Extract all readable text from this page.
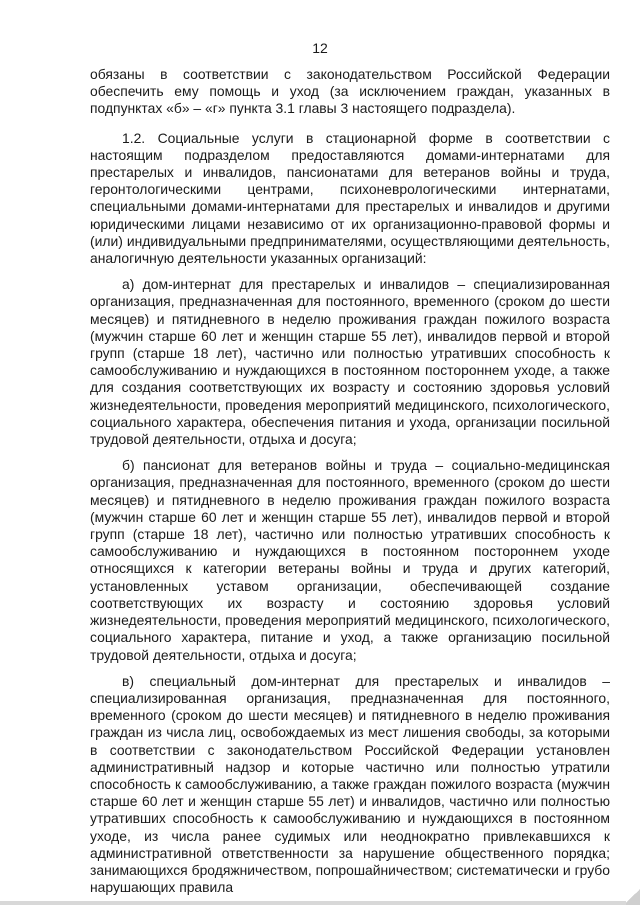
12

обязаны в соответствии с законодательством Российской Федерации обеспечить ему помощь и уход (за исключением граждан, указанных в подпунктах «б» – «г» пункта 3.1 главы 3 настоящего подраздела).

1.2. Социальные услуги в стационарной форме в соответствии с настоящим подразделом предоставляются домами-интернатами для престарелых и инвалидов, пансионатами для ветеранов войны и труда, геронтологическими центрами, психоневрологическими интернатами, специальными домами-интернатами для престарелых и инвалидов и другими юридическими лицами независимо от их организационно-правовой формы и (или) индивидуальными предпринимателями, осуществляющими деятельность, аналогичную деятельности указанных организаций:

а) дом-интернат для престарелых и инвалидов – специализированная организация, предназначенная для постоянного, временного (сроком до шести месяцев) и пятидневного в неделю проживания граждан пожилого возраста (мужчин старше 60 лет и женщин старше 55 лет), инвалидов первой и второй групп (старше 18 лет), частично или полностью утративших способность к самообслуживанию и нуждающихся в постоянном постороннем уходе, а также для создания соответствующих их возрасту и состоянию здоровья условий жизнедеятельности, проведения мероприятий медицинского, психологического, социального характера, обеспечения питания и ухода, организации посильной трудовой деятельности, отдыха и досуга;

б) пансионат для ветеранов войны и труда – социально-медицинская организация, предназначенная для постоянного, временного (сроком до шести месяцев) и пятидневного в неделю проживания граждан пожилого возраста (мужчин старше 60 лет и женщин старше 55 лет), инвалидов первой и второй групп (старше 18 лет), частично или полностью утративших способность к самообслуживанию и нуждающихся в постоянном постороннем уходе относящихся к категории ветераны войны и труда и других категорий, установленных уставом организации, обеспечивающей создание соответствующих их возрасту и состоянию здоровья условий жизнедеятельности, проведения мероприятий медицинского, психологического, социального характера, питание и уход, а также организацию посильной трудовой деятельности, отдыха и досуга;

в) специальный дом-интернат для престарелых и инвалидов – специализированная организация, предназначенная для постоянного, временного (сроком до шести месяцев) и пятидневного в неделю проживания граждан из числа лиц, освобождаемых из мест лишения свободы, за которыми в соответствии с законодательством Российской Федерации установлен административный надзор и которые частично или полностью утратили способность к самообслуживанию, а также граждан пожилого возраста (мужчин старше 60 лет и женщин старше 55 лет) и инвалидов, частично или полностью утративших способность к самообслуживанию и нуждающихся в постоянном уходе, из числа ранее судимых или неоднократно привлекавшихся к административной ответственности за нарушение общественного порядка; занимающихся бродяжничеством, попрошайничеством; систематически и грубо нарушающих правила
